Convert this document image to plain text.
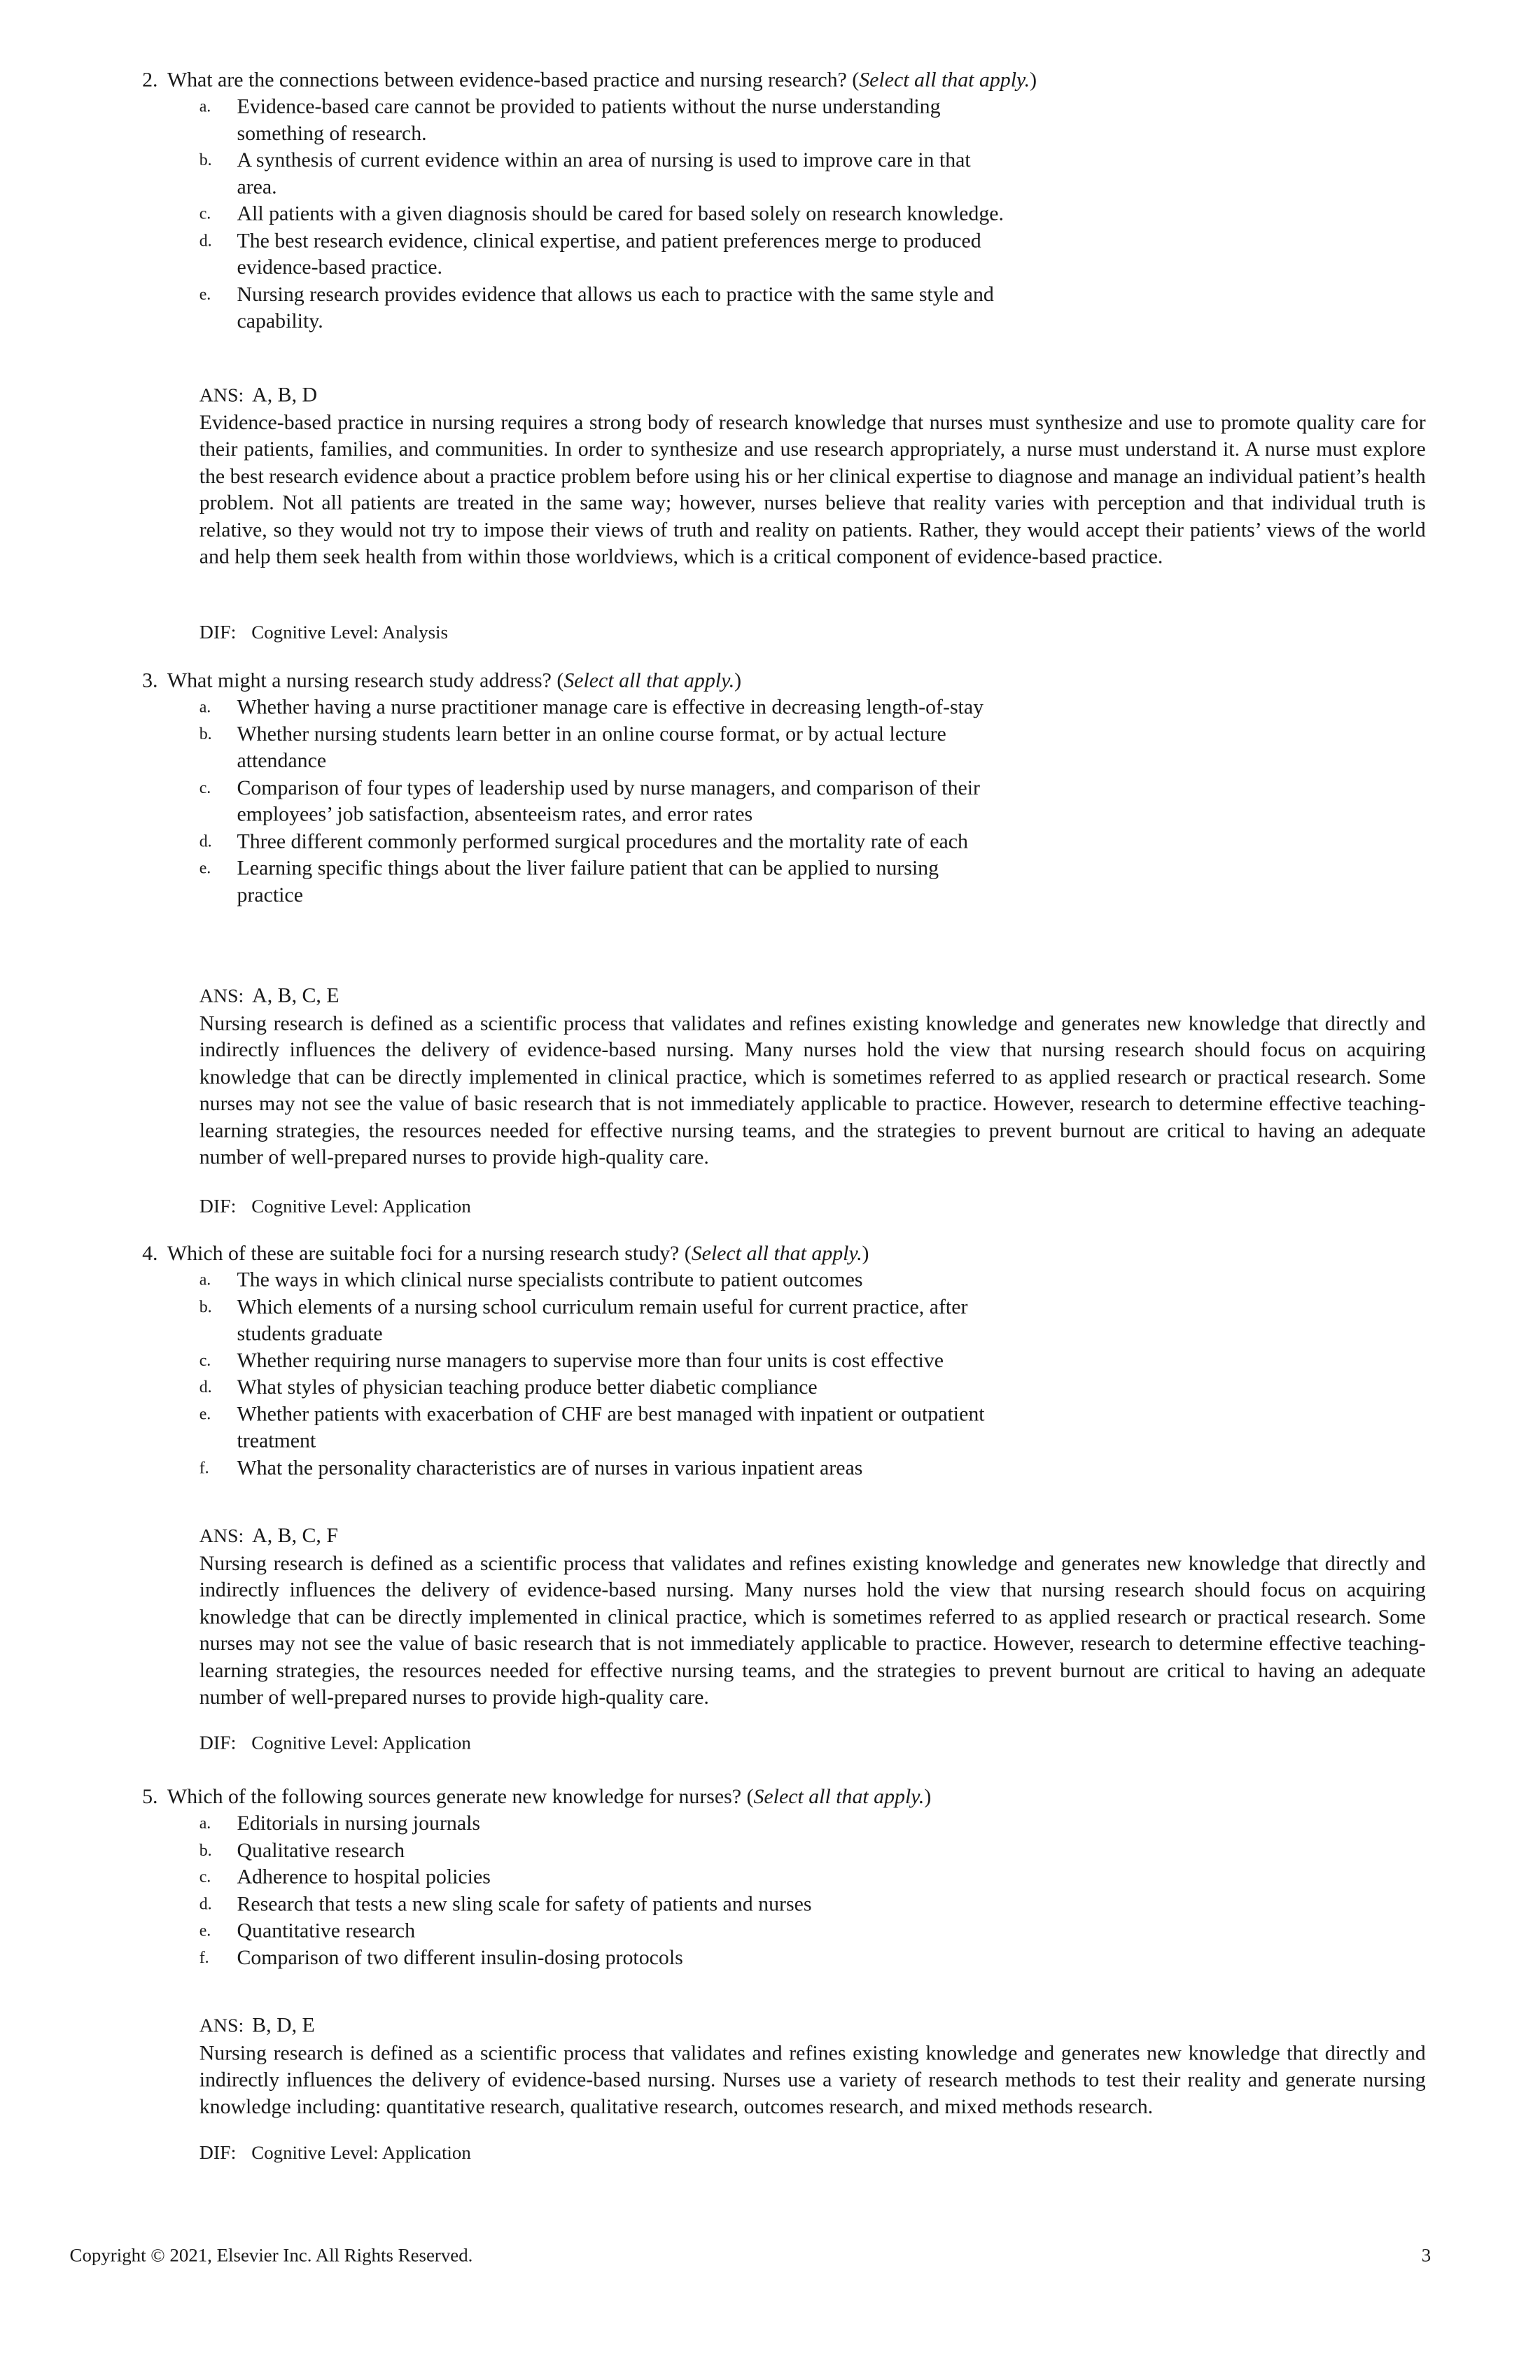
2. What are the connections between evidence-based practice and nursing research? (Select all that apply.)
a. Evidence-based care cannot be provided to patients without the nurse understanding something of research.
b. A synthesis of current evidence within an area of nursing is used to improve care in that area.
c. All patients with a given diagnosis should be cared for based solely on research knowledge.
d. The best research evidence, clinical expertise, and patient preferences merge to produced evidence-based practice.
e. Nursing research provides evidence that allows us each to practice with the same style and capability.
ANS: A, B, D
Evidence-based practice in nursing requires a strong body of research knowledge that nurses must synthesize and use to promote quality care for their patients, families, and communities. In order to synthesize and use research appropriately, a nurse must understand it. A nurse must explore the best research evidence about a practice problem before using his or her clinical expertise to diagnose and manage an individual patient’s health problem. Not all patients are treated in the same way; however, nurses believe that reality varies with perception and that individual truth is relative, so they would not try to impose their views of truth and reality on patients. Rather, they would accept their patients’ views of the world and help them seek health from within those worldviews, which is a critical component of evidence-based practice.
DIF: Cognitive Level: Analysis
3. What might a nursing research study address? (Select all that apply.)
a. Whether having a nurse practitioner manage care is effective in decreasing length-of-stay
b. Whether nursing students learn better in an online course format, or by actual lecture attendance
c. Comparison of four types of leadership used by nurse managers, and comparison of their employees’ job satisfaction, absenteeism rates, and error rates
d. Three different commonly performed surgical procedures and the mortality rate of each
e. Learning specific things about the liver failure patient that can be applied to nursing practice
ANS: A, B, C, E
Nursing research is defined as a scientific process that validates and refines existing knowledge and generates new knowledge that directly and indirectly influences the delivery of evidence-based nursing. Many nurses hold the view that nursing research should focus on acquiring knowledge that can be directly implemented in clinical practice, which is sometimes referred to as applied research or practical research. Some nurses may not see the value of basic research that is not immediately applicable to practice. However, research to determine effective teaching-learning strategies, the resources needed for effective nursing teams, and the strategies to prevent burnout are critical to having an adequate number of well-prepared nurses to provide high-quality care.
DIF: Cognitive Level: Application
4. Which of these are suitable foci for a nursing research study? (Select all that apply.)
a. The ways in which clinical nurse specialists contribute to patient outcomes
b. Which elements of a nursing school curriculum remain useful for current practice, after students graduate
c. Whether requiring nurse managers to supervise more than four units is cost effective
d. What styles of physician teaching produce better diabetic compliance
e. Whether patients with exacerbation of CHF are best managed with inpatient or outpatient treatment
f. What the personality characteristics are of nurses in various inpatient areas
ANS: A, B, C, F
Nursing research is defined as a scientific process that validates and refines existing knowledge and generates new knowledge that directly and indirectly influences the delivery of evidence-based nursing. Many nurses hold the view that nursing research should focus on acquiring knowledge that can be directly implemented in clinical practice, which is sometimes referred to as applied research or practical research. Some nurses may not see the value of basic research that is not immediately applicable to practice. However, research to determine effective teaching-learning strategies, the resources needed for effective nursing teams, and the strategies to prevent burnout are critical to having an adequate number of well-prepared nurses to provide high-quality care.
DIF: Cognitive Level: Application
5. Which of the following sources generate new knowledge for nurses? (Select all that apply.)
a. Editorials in nursing journals
b. Qualitative research
c. Adherence to hospital policies
d. Research that tests a new sling scale for safety of patients and nurses
e. Quantitative research
f. Comparison of two different insulin-dosing protocols
ANS: B, D, E
Nursing research is defined as a scientific process that validates and refines existing knowledge and generates new knowledge that directly and indirectly influences the delivery of evidence-based nursing. Nurses use a variety of research methods to test their reality and generate nursing knowledge including: quantitative research, qualitative research, outcomes research, and mixed methods research.
DIF: Cognitive Level: Application
Copyright © 2021, Elsevier Inc. All Rights Reserved.	3
